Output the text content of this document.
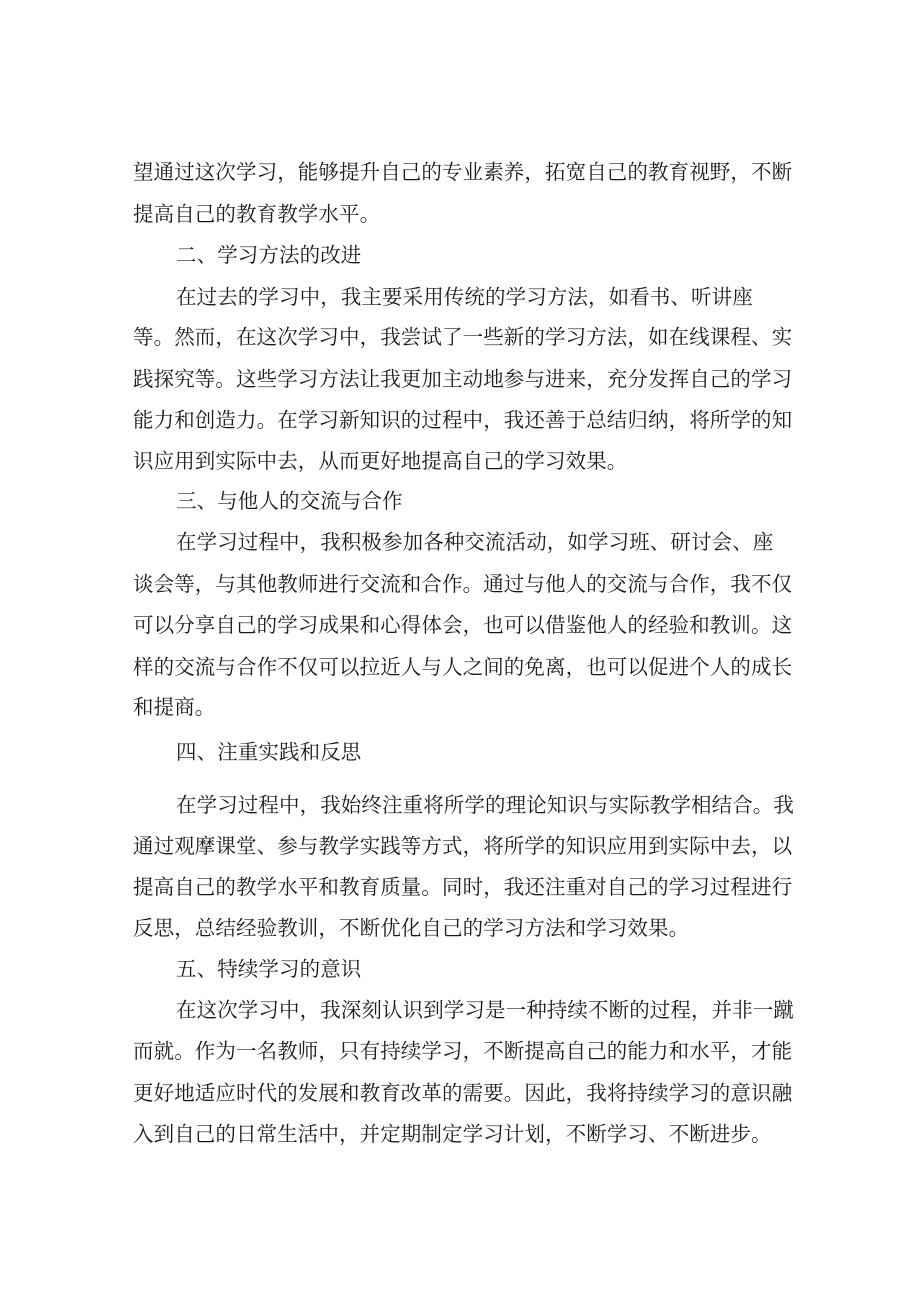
望通过这次学习，能够提升自己的专业素养，拓宽自己的教育视野，不断
提高自己的教育教学水平。
二、学习方法的改进
在过去的学习中，我主要采用传统的学习方法，如看书、听讲座
等。然而，在这次学习中，我尝试了一些新的学习方法，如在线课程、实
践探究等。这些学习方法让我更加主动地参与进来，充分发挥自己的学习
能力和创造力。在学习新知识的过程中，我还善于总结归纳，将所学的知
识应用到实际中去，从而更好地提高自己的学习效果。
三、与他人的交流与合作
在学习过程中，我积极参加各种交流活动，如学习班、研讨会、座
谈会等，与其他教师进行交流和合作。通过与他人的交流与合作，我不仅
可以分享自己的学习成果和心得体会，也可以借鉴他人的经验和教训。这
样的交流与合作不仅可以拉近人与人之间的免离，也可以促进个人的成长
和提商。
四、注重实践和反思
在学习过程中，我始终注重将所学的理论知识与实际教学相结合。我
通过观摩课堂、参与教学实践等方式，将所学的知识应用到实际中去，以
提高自己的教学水平和教育质量。同时，我还注重对自己的学习过程进行
反思，总结经验教训，不断优化自己的学习方法和学习效果。
五、特续学习的意识
在这次学习中，我深刻认识到学习是一种持续不断的过程，并非一蹴
而就。作为一名教师，只有持续学习，不断提高自己的能力和水平，才能
更好地适应时代的发展和教育改革的需要。因此，我将持续学习的意识融
入到自己的日常生活中，并定期制定学习计划，不断学习、不断进步。
